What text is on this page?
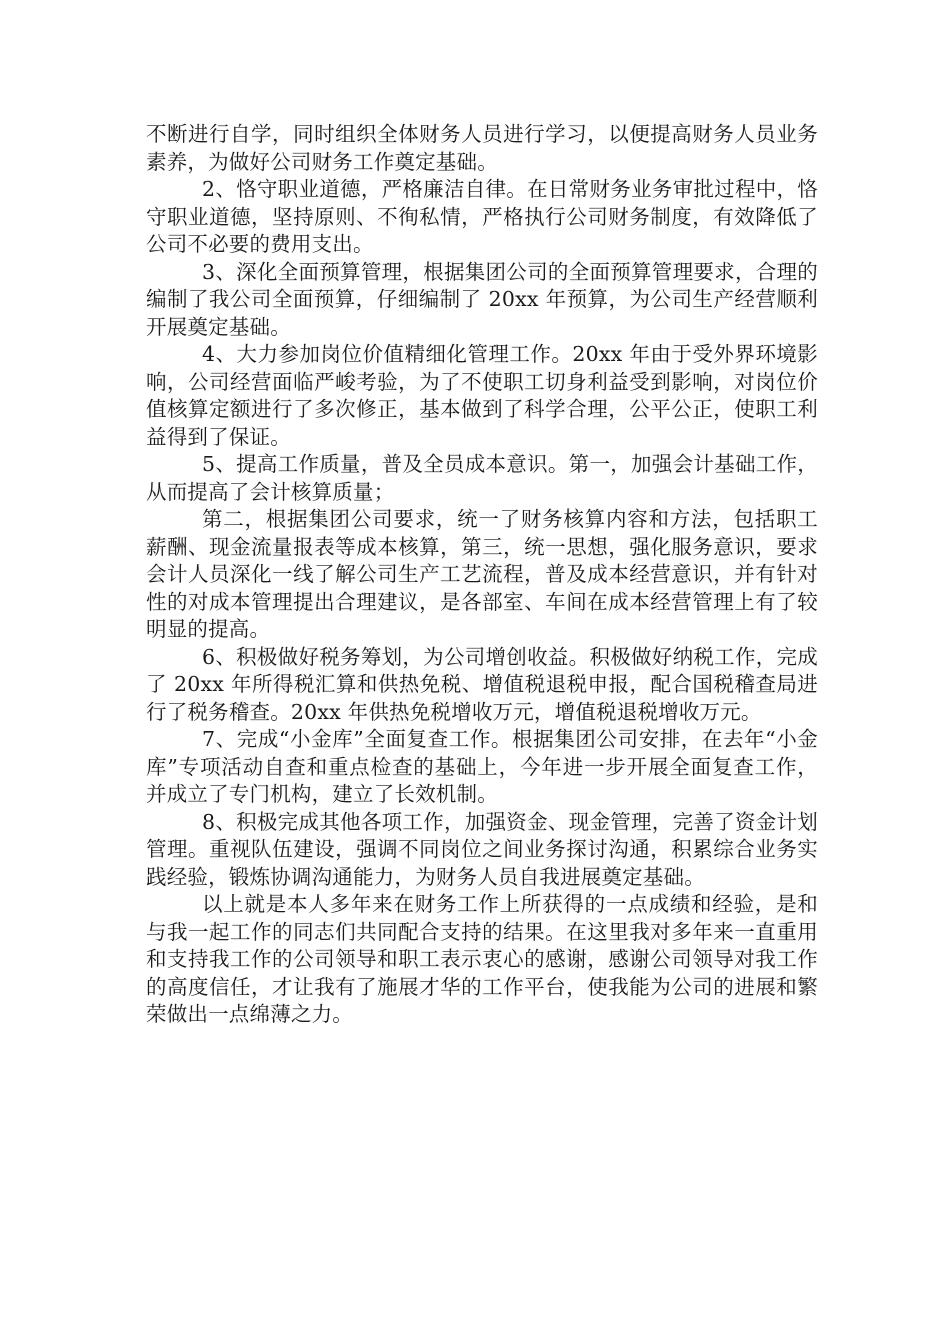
不断进行自学，同时组织全体财务人员进行学习，以便提高财务人员业务素养，为做好公司财务工作奠定基础。

2、恪守职业道德，严格廉洁自律。在日常财务业务审批过程中，恪守职业道德，坚持原则、不徇私情，严格执行公司财务制度，有效降低了公司不必要的费用支出。

3、深化全面预算管理，根据集团公司的全面预算管理要求，合理的编制了我公司全面预算，仔细编制了 20xx 年预算，为公司生产经营顺利开展奠定基础。

4、大力参加岗位价值精细化管理工作。20xx 年由于受外界环境影响，公司经营面临严峻考验，为了不使职工切身利益受到影响，对岗位价值核算定额进行了多次修正，基本做到了科学合理，公平公正，使职工利益得到了保证。

5、提高工作质量，普及全员成本意识。第一，加强会计基础工作，从而提高了会计核算质量；

第二，根据集团公司要求，统一了财务核算内容和方法，包括职工薪酬、现金流量报表等成本核算，第三，统一思想，强化服务意识，要求会计人员深化一线了解公司生产工艺流程，普及成本经营意识，并有针对性的对成本管理提出合理建议，是各部室、车间在成本经营管理上有了较明显的提高。

6、积极做好税务筹划，为公司增创收益。积极做好纳税工作，完成了 20xx 年所得税汇算和供热免税、增值税退税申报，配合国税稽查局进行了税务稽查。20xx 年供热免税增收万元，增值税退税增收万元。

7、完成“小金库”全面复查工作。根据集团公司安排，在去年“小金库”专项活动自查和重点检查的基础上，今年进一步开展全面复查工作，并成立了专门机构，建立了长效机制。

8、积极完成其他各项工作，加强资金、现金管理，完善了资金计划管理。重视队伍建设，强调不同岗位之间业务探讨沟通，积累综合业务实践经验，锻炼协调沟通能力，为财务人员自我进展奠定基础。

以上就是本人多年来在财务工作上所获得的一点成绩和经验，是和与我一起工作的同志们共同配合支持的结果。在这里我对多年来一直重用和支持我工作的公司领导和职工表示衷心的感谢，感谢公司领导对我工作的高度信任，才让我有了施展才华的工作平台，使我能为公司的进展和繁荣做出一点绵薄之力。
